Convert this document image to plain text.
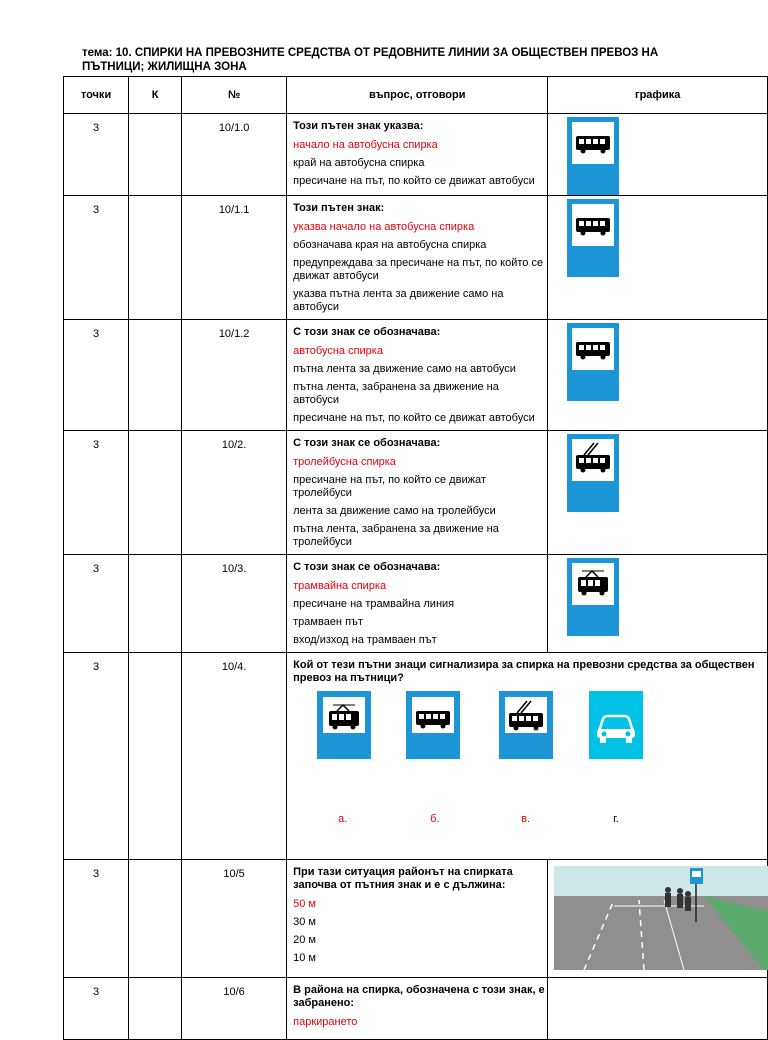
тема: 10. СПИРКИ НА ПРЕВОЗНИТЕ СРЕДСТВА ОТ РЕДОВНИТЕ ЛИНИИ ЗА ОБЩЕСТВЕН ПРЕВОЗ НА ПЪТНИЦИ; ЖИЛИЩНА ЗОНА
точки	К	№	въпрос, отговори	графика
3		10/1.0	Този пътен знак указва:
начало на автобусна спирка
край на автобусна спирка
пресичане на път, по който се движат автобуси

3		10/1.1	Този пътен знак:
указва начало на автобусна спирка
обозначава края на автобусна спирка
предупреждава за пресичане на път, по който се движат автобуси
указва пътна лента за движение само на автобуси

3		10/1.2	С този знак се обозначава:
автобусна спирка
пътна лента за движение само на автобуси
пътна лента, забранена за движение на автобуси
пресичане на път, по който се движат автобуси

3		10/2.	С този знак се обозначава:
тролейбусна спирка
пресичане на път, по който се движат тролейбуси
лента за движение само на тролейбуси
пътна лента, забранена за движение на тролейбуси

3		10/3.	С този знак се обозначава:
трамвайна спирка
пресичане на трамвайна линия
трамваен път
вход/изход на трамваен път

3		10/4.	Кой от тези пътни знаци сигнализира за спирка на превозни средства за обществен превоз на пътници?
а. б. в. г.	

3		10/5	При тази ситуация районът на спирката започва от пътния знак и е с дължина:
50 м
30 м
20 м
10 м

3		10/6	В района на спирка, обозначена с този знак, е забранено:
паркирането	
